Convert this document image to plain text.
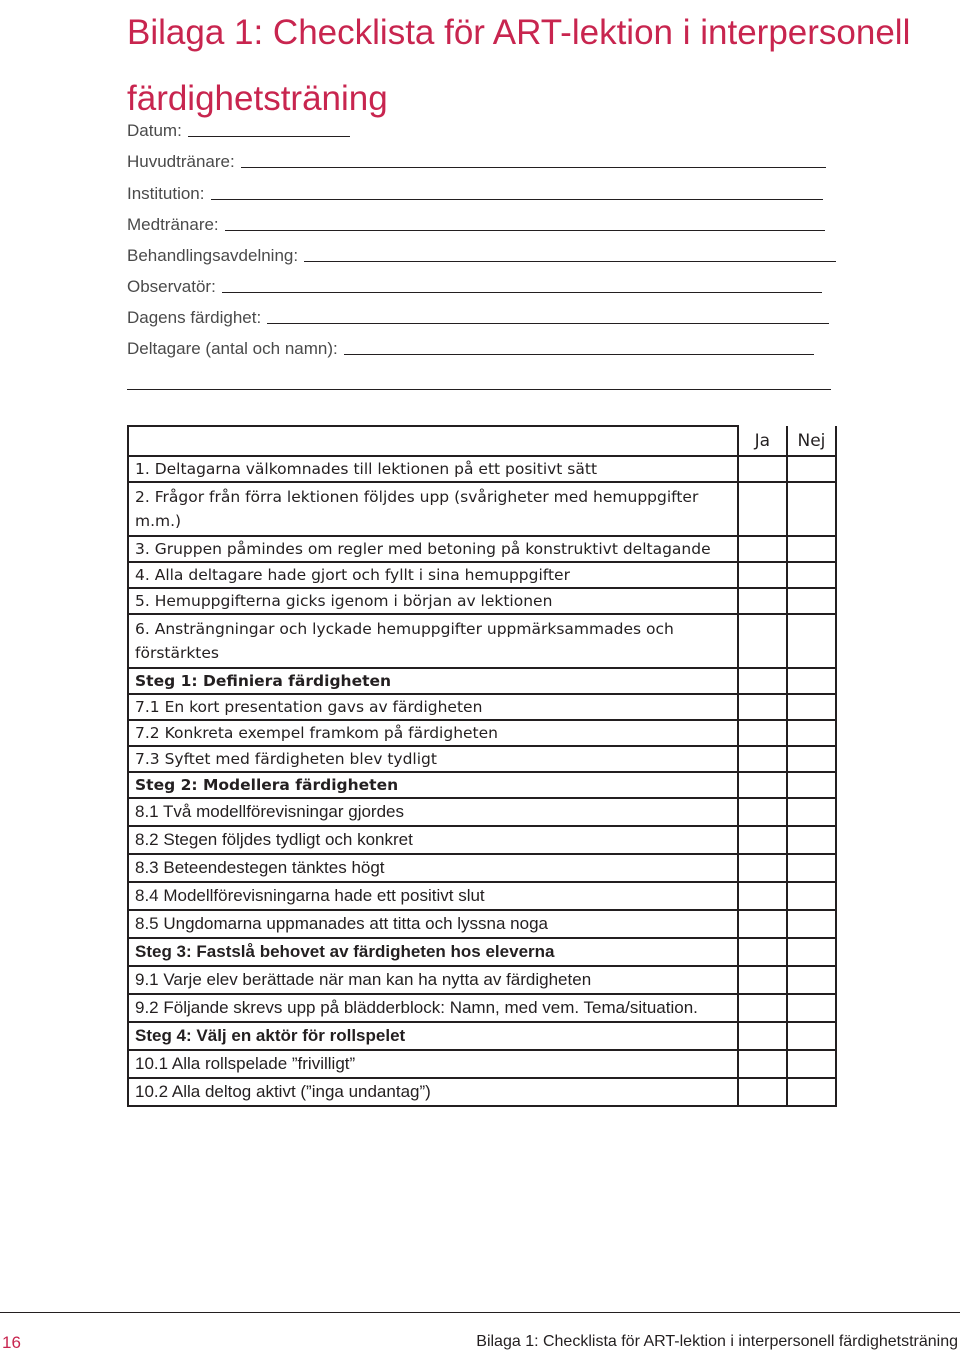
Bilaga 1: Checklista för ART-lektion i interpersonell färdighetsträning
Datum:
Huvudtränare:
Institution:
Medtränare:
Behandlingsavdelning:
Observatör:
Dagens färdighet:
Deltagare (antal och namn):
	Ja	Nej
1. Deltagarna välkomnades till lektionen på ett positivt sätt		
2. Frågor från förra lektionen följdes upp (svårigheter med hemuppgifter m.m.)		
3. Gruppen påmindes om regler med betoning på konstruktivt deltagande		
4. Alla deltagare hade gjort och fyllt i sina hemuppgifter		
5. Hemuppgifterna gicks igenom i början av lektionen		
6. Ansträngningar och lyckade hemuppgifter uppmärksammades och förstärktes		
Steg 1: Definiera färdigheten		
7.1 En kort presentation gavs av färdigheten		
7.2 Konkreta exempel framkom på färdigheten		
7.3 Syftet med färdigheten blev tydligt		
Steg 2: Modellera färdigheten		
8.1 Två modellförevisningar gjordes		
8.2 Stegen följdes tydligt och konkret		
8.3 Beteendestegen tänktes högt		
8.4 Modellförevisningarna hade ett positivt slut		
8.5 Ungdomarna uppmanades att titta och lyssna noga		
Steg 3: Fastslå behovet av färdigheten hos eleverna		
9.1 Varje elev berättade när man kan ha nytta av färdigheten		
9.2 Följande skrevs upp på blädderblock: Namn, med vem. Tema/situation.		
Steg 4: Välj en aktör för rollspelet		
10.1 Alla rollspelade ”frivilligt”		
10.2 Alla deltog aktivt (”inga undantag”)		
16	Bilaga 1: Checklista för ART-lektion i interpersonell färdighetsträning
